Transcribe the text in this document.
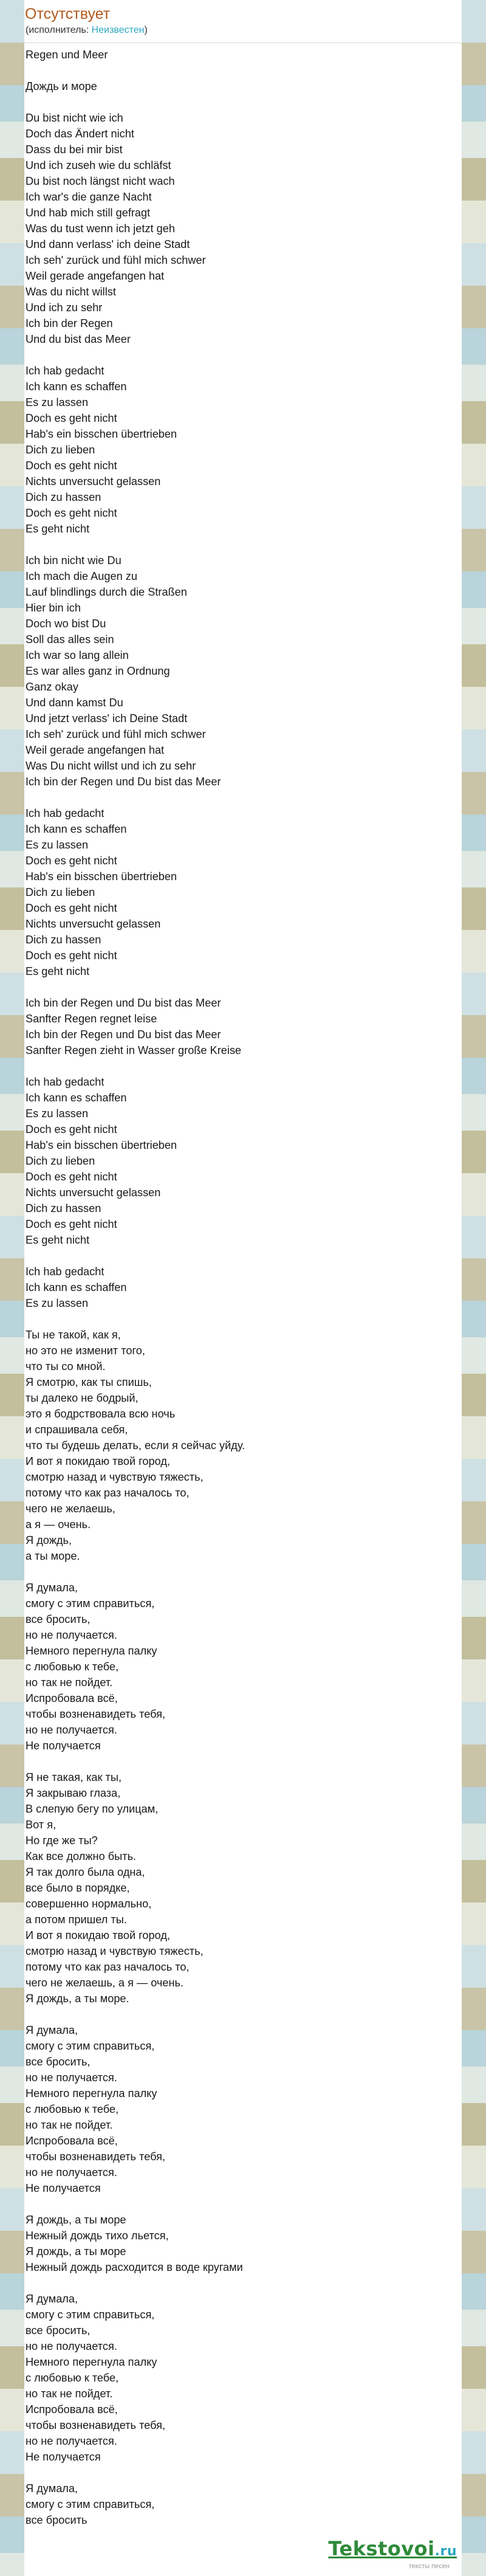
Отсутствует
(исполнитель: Неизвестен)
Regen und Meer
Дождь и море
Du bist nicht wie ich
Doch das Ändert nicht
Dass du bei mir bist
Und ich zuseh wie du schläfst
Du bist noch längst nicht wach
Ich war's die ganze Nacht
Und hab mich still gefragt
Was du tust wenn ich jetzt geh
Und dann verlass' ich deine Stadt
Ich seh' zurück und fühl mich schwer
Weil gerade angefangen hat
Was du nicht willst
Und ich zu sehr
Ich bin der Regen
Und du bist das Meer
Ich hab gedacht
Ich kann es schaffen
Es zu lassen
Doch es geht nicht
Hab's ein bisschen übertrieben
Dich zu lieben
Doch es geht nicht
Nichts unversucht gelassen
Dich zu hassen
Doch es geht nicht
Es geht nicht
Ich bin nicht wie Du
Ich mach die Augen zu
Lauf blindlings durch die Straßen
Hier bin ich
Doch wo bist Du
Soll das alles sein
Ich war so lang allein
Es war alles ganz in Ordnung
Ganz okay
Und dann kamst Du
Und jetzt verlass' ich Deine Stadt
Ich seh' zurück und fühl mich schwer
Weil gerade angefangen hat
Was Du nicht willst und ich zu sehr
Ich bin der Regen und Du bist das Meer
Ich hab gedacht
Ich kann es schaffen
Es zu lassen
Doch es geht nicht
Hab's ein bisschen übertrieben
Dich zu lieben
Doch es geht nicht
Nichts unversucht gelassen
Dich zu hassen
Doch es geht nicht
Es geht nicht
Ich bin der Regen und Du bist das Meer
Sanfter Regen regnet leise
Ich bin der Regen und Du bist das Meer
Sanfter Regen zieht in Wasser große Kreise
Ich hab gedacht
Ich kann es schaffen
Es zu lassen
Doch es geht nicht
Hab's ein bisschen übertrieben
Dich zu lieben
Doch es geht nicht
Nichts unversucht gelassen
Dich zu hassen
Doch es geht nicht
Es geht nicht
Ich hab gedacht
Ich kann es schaffen
Es zu lassen
Ты не такой, как я,
но это не изменит того,
что ты со мной.
Я смотрю, как ты спишь,
ты далеко не бодрый,
это я бодрствовала всю ночь
и спрашивала себя,
что ты будешь делать, если я сейчас уйду.
И вот я покидаю твой город,
смотрю назад и чувствую тяжесть,
потому что как раз началось то,
чего не желаешь,
а я — очень.
Я дождь,
а ты море.
Я думала,
смогу с этим справиться,
все бросить,
но не получается.
Немного перегнула палку
с любовью к тебе,
но так не пойдет.
Испробовала всё,
чтобы возненавидеть тебя,
но не получается.
Не получается
Я не такая, как ты,
Я закрываю глаза,
В слепую бегу по улицам,
Вот я,
Но где же ты?
Как все должно быть.
Я так долго была одна,
все было в порядке,
совершенно нормально,
а потом пришел ты.
И вот я покидаю твой город,
смотрю назад и чувствую тяжесть,
потому что как раз началось то,
чего не желаешь, а я — очень.
Я дождь, а ты море.
Я думала,
смогу с этим справиться,
все бросить,
но не получается.
Немного перегнула палку
с любовью к тебе,
но так не пойдет.
Испробовала всё,
чтобы возненавидеть тебя,
но не получается.
Не получается
Я дождь, а ты море
Нежный дождь тихо льется,
Я дождь, а ты море
Нежный дождь расходится в воде кругами
Я думала,
смогу с этим справиться,
все бросить,
но не получается.
Немного перегнула палку
с любовью к тебе,
но так не пойдет.
Испробовала всё,
чтобы возненавидеть тебя,
но не получается.
Не получается
Я думала,
смогу с этим справиться,
все бросить
Tekstovoi.ru
тексты песен
